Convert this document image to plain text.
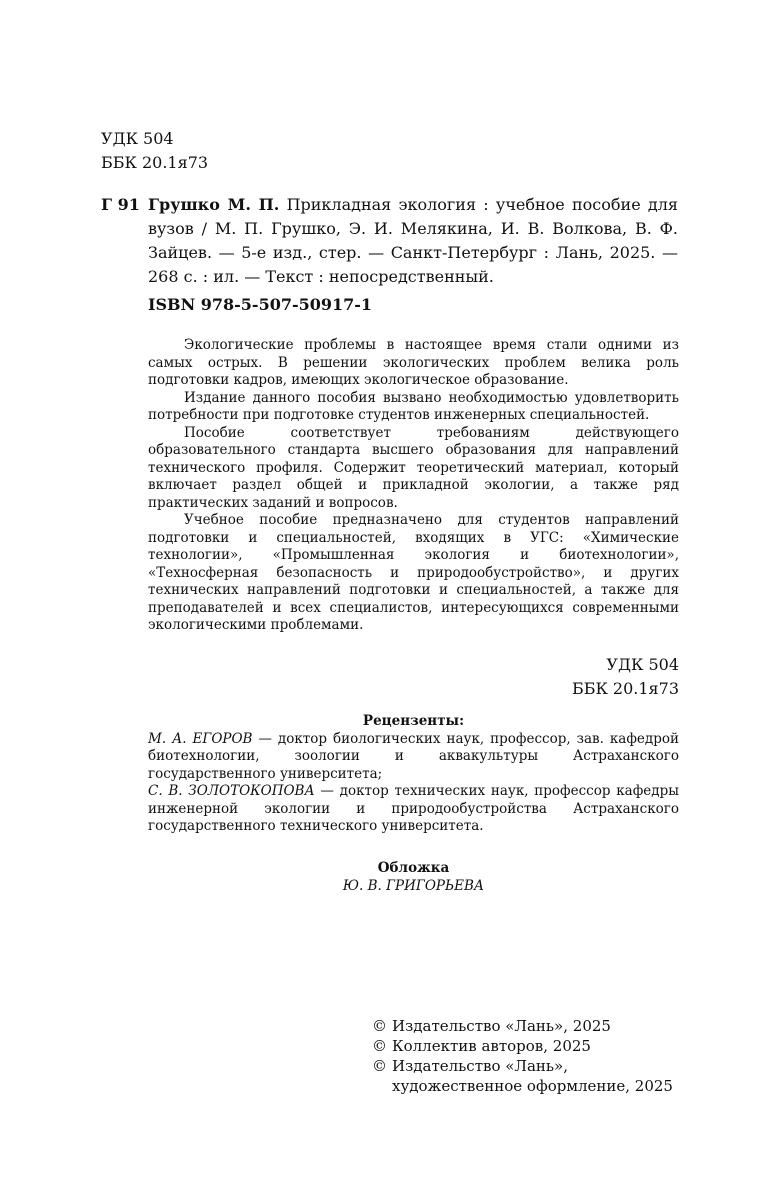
УДК 504
ББК 20.1я73
Г 91 Грушко М. П. Прикладная экология : учебное пособие для вузов / М. П. Грушко, Э. И. Мелякина, И. В. Волкова, В. Ф. Зайцев. — 5-е изд., стер. — Санкт-Петербург : Лань, 2025. — 268 с. : ил. — Текст : непосредственный.
ISBN 978-5-507-50917-1

Экологические проблемы в настоящее время стали одними из самых острых. В решении экологических проблем велика роль подготовки кадров, имеющих экологическое образование.

Издание данного пособия вызвано необходимостью удовлетворить потребности при подготовке студентов инженерных специальностей.

Пособие соответствует требованиям действующего образовательного стандарта высшего образования для направлений технического профиля. Содержит теоретический материал, который включает раздел общей и прикладной экологии, а также ряд практических заданий и вопросов.

Учебное пособие предназначено для студентов направлений подготовки и специальностей, входящих в УГС: «Химические технологии», «Промышленная экология и биотехнологии», «Техносферная безопасность и природообустройство», и других технических направлений подготовки и специальностей, а также для преподавателей и всех специалистов, интересующихся современными экологическими проблемами.

УДК 504
ББК 20.1я73
Рецензенты:

М. А. ЕГОРОВ — доктор биологических наук, профессор, зав. кафедрой биотехнологии, зоологии и аквакультуры Астраханского государственного университета;

С. В. ЗОЛОТОКОПОВА — доктор технических наук, профессор кафедры инженерной экологии и природообустройства Астраханского государственного технического университета.

Обложка
Ю. В. ГРИГОРЬЕВА
© Издательство «Лань», 2025
© Коллектив авторов, 2025
© Издательство «Лань»,
художественное оформление, 2025
